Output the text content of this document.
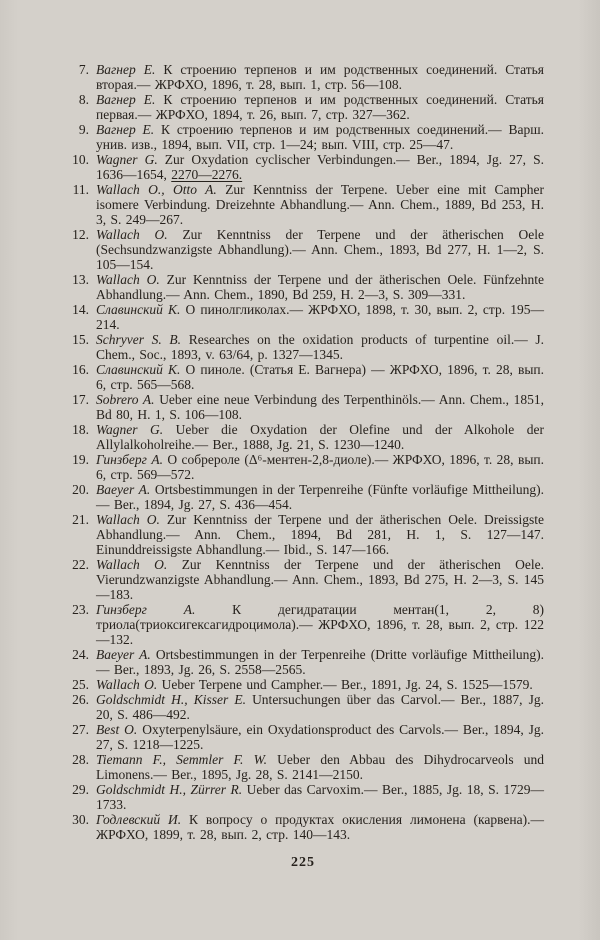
7. Вагнер Е. К строению терпенов и им родственных соединений. Статья вторая.— ЖРФХО, 1896, т. 28, вып. 1, стр. 56—108.

8. Вагнер Е. К строению терпенов и им родственных соединений. Статья первая.— ЖРФХО, 1894, т. 26, вып. 7, стр. 327—362.

9. Вагнер Е. К строению терпенов и им родственных соединений.— Варш. унив. изв., 1894, вып. VII, стр. 1—24; вып. VIII, стр. 25—47.

10. Wagner G. Zur Oxydation cyclischer Verbindungen.— Ber., 1894, Jg. 27, S. 1636—1654, 2270—2276.

11. Wallach O., Otto A. Zur Kenntniss der Terpene. Ueber eine mit Campher isomere Verbindung. Dreizehnte Abhandlung.— Ann. Chem., 1889, Bd 253, H. 3, S. 249—267.

12. Wallach O. Zur Kenntniss der Terpene und der ätherischen Oele (Sechsundzwanzigste Abhandlung).— Ann. Chem., 1893, Bd 277, H. 1—2, S. 105—154.

13. Wallach O. Zur Kenntniss der Terpene und der ätherischen Oele. Fünfzehnte Abhandlung.— Ann. Chem., 1890, Bd 259, H. 2—3, S. 309—331.

14. Славинский К. О пинолгликолах.— ЖРФХО, 1898, т. 30, вып. 2, стр. 195—214.

15. Schryver S. B. Researches on the oxidation products of turpentine oil.— J. Chem., Soc., 1893, v. 63/64, p. 1327—1345.

16. Славинский К. О пиноле. (Статья Е. Вагнера) — ЖРФХО, 1896, т. 28, вып. 6, стр. 565—568.

17. Sobrero A. Ueber eine neue Verbindung des Terpenthinöls.— Ann. Chem., 1851, Bd 80, H. 1, S. 106—108.

18. Wagner G. Ueber die Oxydation der Olefine und der Alkohole der Allylalkoholreihe.— Ber., 1888, Jg. 21, S. 1230—1240.

19. Гинзберг А. О собрероле (Δ⁶-ментен-2,8-диоле).— ЖРФХО, 1896, т. 28, вып. 6, стр. 569—572.

20. Baeyer A. Ortsbestimmungen in der Terpenreihe (Fünfte vorläufige Mittheilung).— Ber., 1894, Jg. 27, S. 436—454.

21. Wallach O. Zur Kenntniss der Terpene und der ätherischen Oele. Dreissigste Abhandlung.— Ann. Chem., 1894, Bd 281, H. 1, S. 127—147. Einunddreissigste Abhandlung.— Ibid., S. 147—166.

22. Wallach O. Zur Kenntniss der Terpene und der ätherischen Oele. Vierundzwanzigste Abhandlung.— Ann. Chem., 1893, Bd 275, H. 2—3, S. 145—183.

23. Гинзберг А.	К дегидратации ментан(1, 2, 8) триола(триоксигексагидроцимола).— ЖРФХО, 1896, т. 28, вып. 2, стр. 122—132.

24. Baeyer A. Ortsbestimmungen in der Terpenreihe (Dritte vorläufige Mittheilung).— Ber., 1893, Jg. 26, S. 2558—2565.

25. Wallach O. Ueber Terpene und Campher.— Ber., 1891, Jg. 24, S. 1525—1579.

26. Goldschmidt H., Kisser E. Untersuchungen über das Carvol.— Ber., 1887, Jg. 20, S. 486—492.

27. Best O. Oxyterpenylsäure, ein Oxydationsproduct des Carvols.— Ber., 1894, Jg. 27, S. 1218—1225.

28. Tiemann F., Semmler F. W. Ueber den Abbau des Dihydrocarveols und Limonens.— Ber., 1895, Jg. 28, S. 2141—2150.

29. Goldschmidt H., Zürrer R. Ueber das Carvoxim.— Ber., 1885, Jg. 18, S. 1729—1733.

30. Годлевский И. К вопросу о продуктах окисления лимонена (карвена).— ЖРФХО, 1899, т. 28, вып. 2, стр. 140—143.

225
